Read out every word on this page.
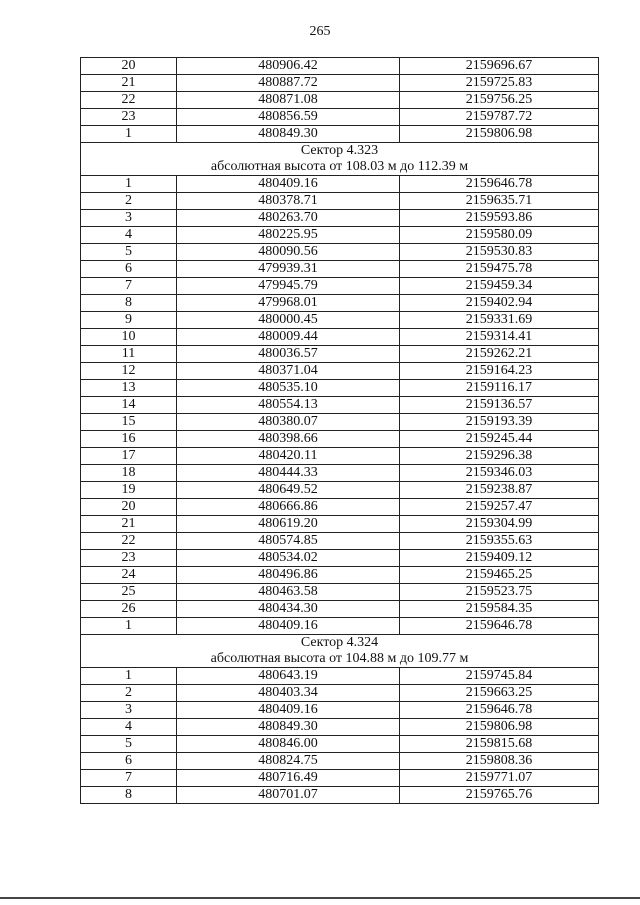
265
20	480906.42	2159696.67
21	480887.72	2159725.83
22	480871.08	2159756.25
23	480856.59	2159787.72
1	480849.30	2159806.98
Сектор 4.323		
абсолютная высота от 108.03 м до 112.39 м		
1	480409.16	2159646.78
2	480378.71	2159635.71
3	480263.70	2159593.86
4	480225.95	2159580.09
5	480090.56	2159530.83
6	479939.31	2159475.78
7	479945.79	2159459.34
8	479968.01	2159402.94
9	480000.45	2159331.69
10	480009.44	2159314.41
11	480036.57	2159262.21
12	480371.04	2159164.23
13	480535.10	2159116.17
14	480554.13	2159136.57
15	480380.07	2159193.39
16	480398.66	2159245.44
17	480420.11	2159296.38
18	480444.33	2159346.03
19	480649.52	2159238.87
20	480666.86	2159257.47
21	480619.20	2159304.99
22	480574.85	2159355.63
23	480534.02	2159409.12
24	480496.86	2159465.25
25	480463.58	2159523.75
26	480434.30	2159584.35
1	480409.16	2159646.78
Сектор 4.324		
абсолютная высота от 104.88 м до 109.77 м		
1	480643.19	2159745.84
2	480403.34	2159663.25
3	480409.16	2159646.78
4	480849.30	2159806.98
5	480846.00	2159815.68
6	480824.75	2159808.36
7	480716.49	2159771.07
8	480701.07	2159765.76
